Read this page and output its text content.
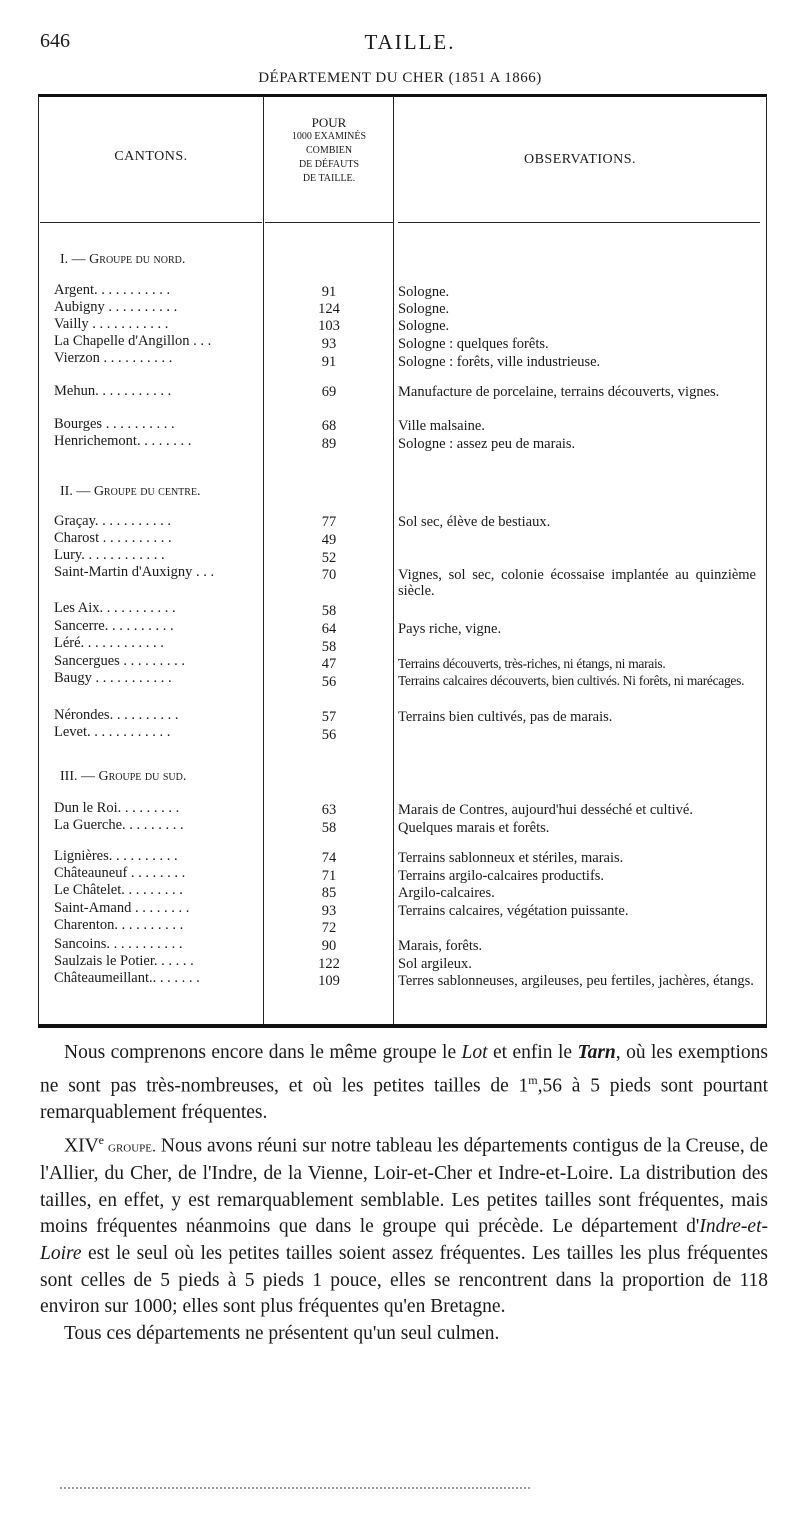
646	TAILLE.
DÉPARTEMENT DU CHER (1851 A 1866)
CANTONS.
POUR
1000 EXAMINÉS
COMBIEN
DE DÉFAUTS
DE TAILLE.
OBSERVATIONS.
I. — Groupe du nord.
II. — Groupe du centre.
III. — Groupe du sud.
Argent. . . . . . . . . . .	91	Sologne.
Aubigny . . . . . . . . . .	124	Sologne.
Vailly . . . . . . . . . . .	103	Sologne.
La Chapelle d'Angillon . . .	93	Sologne : quelques forêts.
Vierzon . . . . . . . . . .	91	Sologne : forêts, ville industrieuse.
Mehun. . . . . . . . . . .	69	Manufacture de porcelaine, terrains découverts, vignes.
Bourges . . . . . . . . . .	68	Ville malsaine.
Henrichemont. . . . . . . .	89	Sologne : assez peu de marais.
Graçay. . . . . . . . . . .	77	Sol sec, élève de bestiaux.
Charost . . . . . . . . . .	49
Lury. . . . . . . . . . . .	52
Saint-Martin d'Auxigny . . .	70	Vignes, sol sec, colonie écossaise implantée au quinzième siècle.
Les Aix. . . . . . . . . . .	58
Sancerre. . . . . . . . . .	64	Pays riche, vigne.
Léré. . . . . . . . . . . .	58
Sancergues . . . . . . . . .	47	Terrains découverts, très-riches, ni étangs, ni marais.
Baugy . . . . . . . . . . .	56	Terrains calcaires découverts, bien cultivés. Ni forêts, ni marécages.
Nérondes. . . . . . . . . .	57	Terrains bien cultivés, pas de marais.
Levet. . . . . . . . . . . .	56
Dun le Roi. . . . . . . . .	63	Marais de Contres, aujourd'hui desséché et cultivé.
La Guerche. . . . . . . . .	58	Quelques marais et forêts.
Lignières. . . . . . . . . .	74	Terrains sablonneux et stériles, marais.
Châteauneuf . . . . . . . .	71	Terrains argilo-calcaires productifs.
Le Châtelet. . . . . . . . .	85	Argilo-calcaires.
Saint-Amand . . . . . . . .	93	Terrains calcaires, végétation puissante.
Charenton. . . . . . . . . .	72
Sancoins. . . . . . . . . . .	90	Marais, forêts.
Saulzais le Potier. . . . . .	122	Sol argileux.
Châteaumeillant.. . . . . . .	109	Terres sablonneuses, argileuses, peu fertiles, jachères, étangs.

Nous comprenons encore dans le même groupe le Lot et enfin le Tarn, où les exemptions ne sont pas très-nombreuses, et où les petites tailles de 1$^m$,56 à 5 pieds sont pourtant remarquablement fréquentes.

XIVe groupe. Nous avons réuni sur notre tableau les départements contigus de la Creuse, de l'Allier, du Cher, de l'Indre, de la Vienne, Loir-et-Cher et Indre-et-Loire. La distribution des tailles, en effet, y est remarquablement semblable. Les petites tailles sont fréquentes, mais moins fréquentes néanmoins que dans le groupe qui précède. Le département d'Indre-et-Loire est le seul où les petites tailles soient assez fréquentes. Les tailles les plus fréquentes sont celles de 5 pieds à 5 pieds 1 pouce, elles se rencontrent dans la proportion de 118 environ sur 1000; elles sont plus fréquentes qu'en Bretagne.

Tous ces départements ne présentent qu'un seul culmen.
